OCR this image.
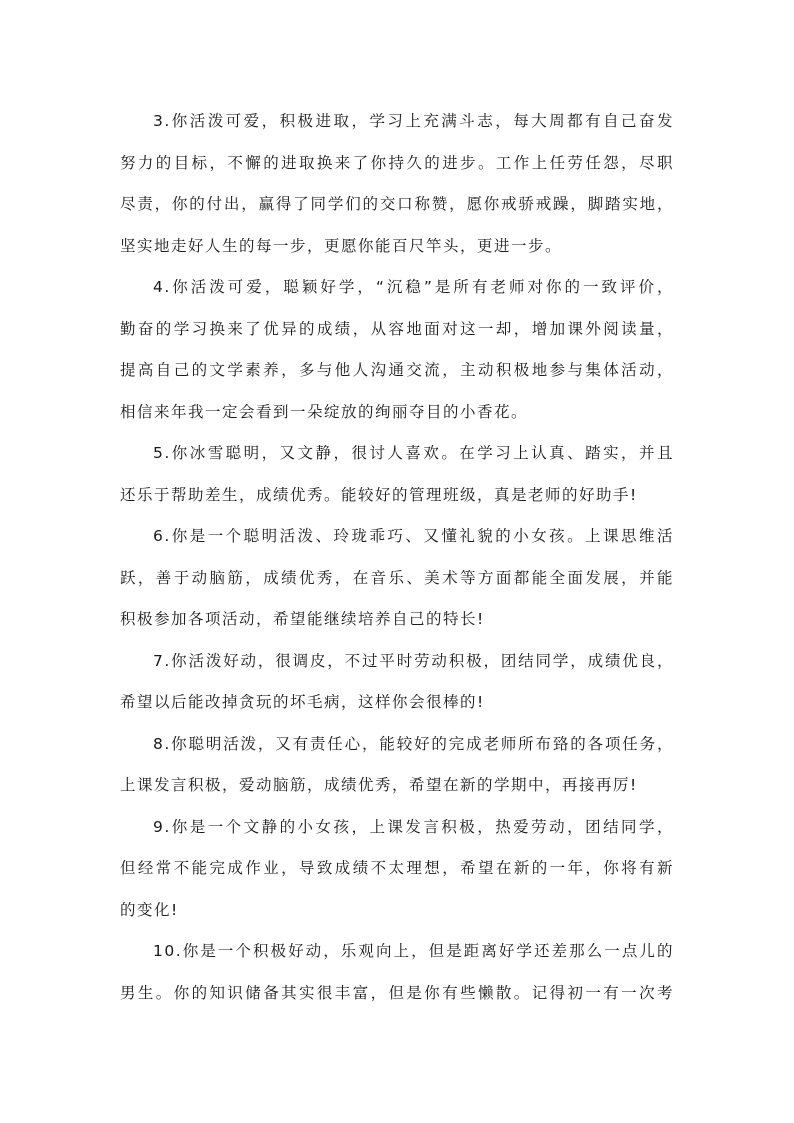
3.你活泼可爱，积极进取，学习上充满斗志，每大周都有自己奋发
努力的目标，不懈的进取换来了你持久的进步。工作上任劳任怨，尽职
尽责，你的付出，赢得了同学们的交口称赞，愿你戒骄戒躁，脚踏实地，
坚实地走好人生的每一步，更愿你能百尺竿头，更进一步。

4.你活泼可爱，聪颖好学，“沉稳”是所有老师对你的一致评价，
勤奋的学习换来了优异的成绩，从容地面对这一却，增加课外阅读量，
提高自己的文学素养，多与他人沟通交流，主动积极地参与集体活动，
相信来年我一定会看到一朵绽放的绚丽夺目的小香花。

5.你冰雪聪明，又文静，很讨人喜欢。在学习上认真、踏实，并且
还乐于帮助差生，成绩优秀。能较好的管理班级，真是老师的好助手!

6.你是一个聪明活泼、玲珑乖巧、又懂礼貌的小女孩。上课思维活
跃，善于动脑筋，成绩优秀，在音乐、美术等方面都能全面发展，并能
积极参加各项活动，希望能继续培养自己的特长!

7.你活泼好动，很调皮，不过平时劳动积极，团结同学，成绩优良，
希望以后能改掉贪玩的坏毛病，这样你会很棒的!

8.你聪明活泼，又有责任心，能较好的完成老师所布臵的各项任务，
上课发言积极，爱动脑筋，成绩优秀，希望在新的学期中，再接再厉!

9.你是一个文静的小女孩，上课发言积极，热爱劳动，团结同学，
但经常不能完成作业，导致成绩不太理想，希望在新的一年，你将有新
的变化!

10.你是一个积极好动，乐观向上，但是距离好学还差那么一点儿的
男生。你的知识储备其实很丰富，但是你有些懒散。记得初一有一次考
